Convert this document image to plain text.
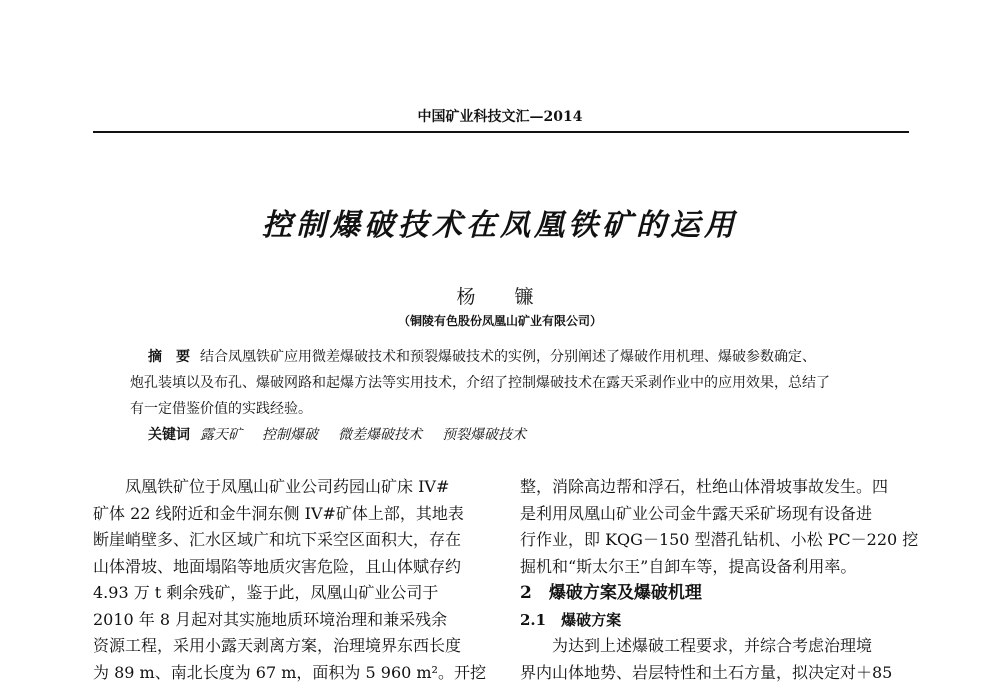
中国矿业科技文汇—2014
控制爆破技术在凤凰铁矿的运用
杨　镰
（铜陵有色股份凤凰山矿业有限公司）
摘　要 结合凤凰铁矿应用微差爆破技术和预裂爆破技术的实例，分别阐述了爆破作用机理、爆破参数确定、
炮孔装填以及布孔、爆破网路和起爆方法等实用技术，介绍了控制爆破技术在露天采剥作业中的应用效果，总结了
有一定借鉴价值的实践经验。
关键词 露天矿 控制爆破 微差爆破技术 预裂爆破技术
凤凰铁矿位于凤凰山矿业公司药园山矿床 IV#
矿体 22 线附近和金牛洞东侧 IV#矿体上部，其地表
断崖峭壁多、汇水区域广和坑下采空区面积大，存在
山体滑坡、地面塌陷等地质灾害危险，且山体赋存约
4.93 万 t 剩余残矿，鉴于此，凤凰山矿业公司于
2010 年 8 月起对其实施地质环境治理和兼采残余
资源工程，采用小露天剥离方案，治理境界东西长度
为 89 m、南北长度为 67 m，面积为 5 960 m²。开挖
整，消除高边帮和浮石，杜绝山体滑坡事故发生。四
是利用凤凰山矿业公司金牛露天采矿场现有设备进
行作业，即 KQG－150 型潜孔钻机、小松 PC－220 挖
掘机和“斯太尔王”自卸车等，提高设备利用率。
2　爆破方案及爆破机理
2.1　爆破方案
为达到上述爆破工程要求，并综合考虑治理境
界内山体地势、岩层特性和土石方量，拟决定对＋85
